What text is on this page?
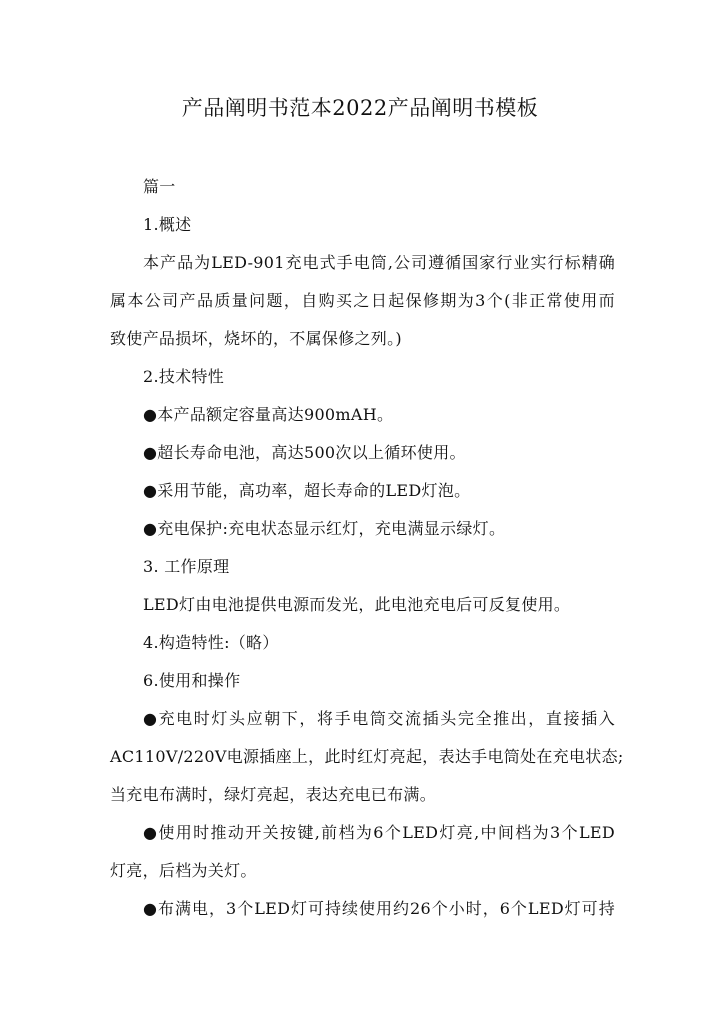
产品阐明书范本2022产品阐明书模板
篇一
1.概述
本产品为LED-901充电式手电筒,公司遵循国家行业实行标精确
属本公司产品质量问题，自购买之日起保修期为3个(非正常使用而
致使产品损坏，烧坏的，不属保修之列。)
2.技术特性
●本产品额定容量高达900mAH。
●超长寿命电池，高达500次以上循环使用。
●采用节能，高功率，超长寿命的LED灯泡。
●充电保护:充电状态显示红灯，充电满显示绿灯。
3. 工作原理
LED灯由电池提供电源而发光，此电池充电后可反复使用。
4.构造特性:（略）
6.使用和操作
●充电时灯头应朝下，将手电筒交流插头完全推出，直接插入
AC110V/220V电源插座上，此时红灯亮起，表达手电筒处在充电状态;
当充电布满时，绿灯亮起，表达充电已布满。
●使用时推动开关按键,前档为6个LED灯亮,中间档为3个LED
灯亮，后档为关灯。
●布满电，3个LED灯可持续使用约26个小时，6个LED灯可持
